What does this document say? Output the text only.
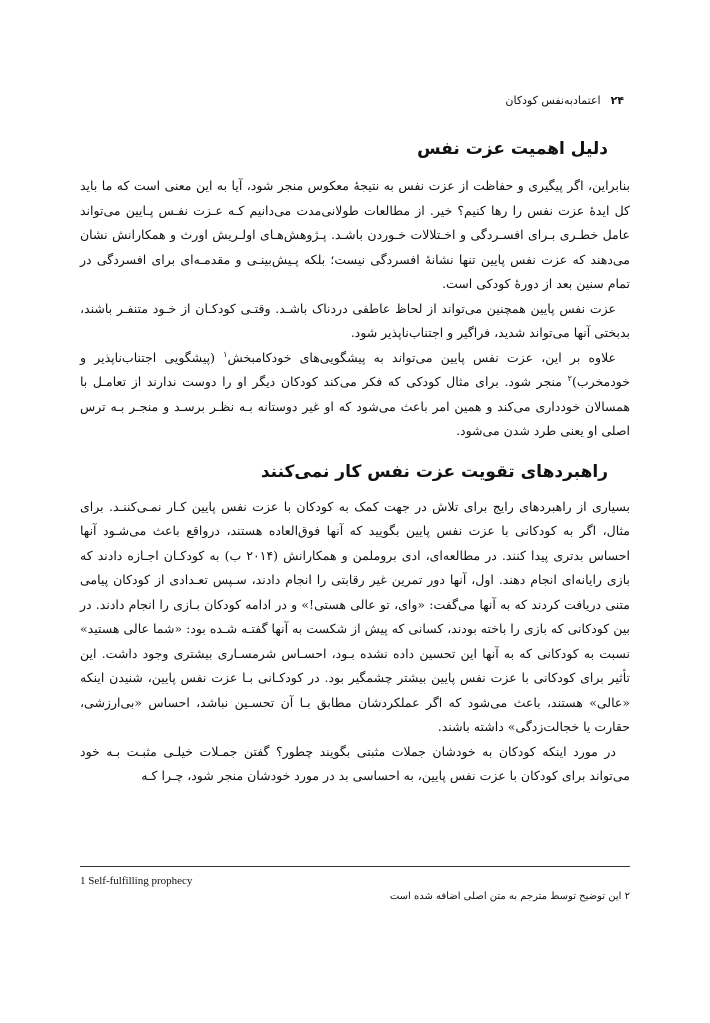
۲۴اعتمادبه‌نفس کودکان
دلیل اهمیت عزت نفس

بنابراین، اگر پیگیری و حفاظت از عزت نفس به نتیجهٔ معکوس منجر شود، آیا به این معنی است که ما باید کل ایدهٔ عزت نفس را رها کنیم؟ خیر. از مطالعات طولانی‌مدت می‌دانیم کـه عـزت نفـس پـایین می‌تواند عامل خطـری بـرای افسـردگی و اخـتلالات خـوردن باشـد. پـژوهش‌هـای اولـریش اورث و همکارانش نشان می‌دهند که عزت نفس پایین تنها نشانهٔ افسردگی نیست؛ بلکه پـیش‌بینـی و مقدمـه‌ای برای افسردگی در تمام سنین بعد از دورهٔ کودکی است.

عزت نفس پایین همچنین می‌تواند از لحاظ عاطفی دردناک باشـد. وقتـی کودکـان از خـود متنفـر باشند، بدبختی آنها می‌تواند شدید، فراگیر و اجتناب‌ناپذیر شود.

علاوه بر این، عزت نفس پایین می‌تواند به پیشگویی‌های خودکامبخش$^۱$ (پیشگویی اجتناب‌ناپذیر و خودمخرب)$^۲$ منجر شود. برای مثال کودکی که فکر می‌کند کودکان دیگر او را دوست ندارند از تعامـل با همسالان خودداری می‌کند و همین امر باعث می‌شود که او غیر دوستانه بـه نظـر برسـد و منجـر بـه ترس اصلی او یعنی طرد شدن می‌شود.

راهبردهای تقویت عزت نفس کار نمی‌کنند

بسیاری از راهبردهای رایج برای تلاش در جهت کمک به کودکان با عزت نفس پایین کـار نمـی‌کننـد. برای مثال، اگر به کودکانی با عزت نفس پایین بگویید که آنها فوق‌العاده هستند، درواقع باعث می‌شـود آنها احساس بدتری پیدا کنند. در مطالعه‌ای، ادی بروملمن و همکارانش (۲۰۱۴ ب) به کودکـان اجـازه دادند که بازی رایانه‌ای انجام دهند. اول، آنها دور تمرین غیر رقابتی را انجام دادند، سـپس تعـدادی از کودکان پیامی متنی دریافت کردند که به آنها می‌گفت: «وای، تو عالی هستی!» و در ادامه کودکان بـازی را انجام دادند. در بین کودکانی که بازی را باخته بودند، کسانی که پیش از شکست به آنها گفتـه شـده بود: «شما عالی هستید» نسبت به کودکانی که به آنها این تحسین داده نشده بـود، احسـاس شرمسـاری بیشتری وجود داشت. این تأثیر برای کودکانی با عزت نفس پایین بیشتر چشمگیر بود. در کودکـانی بـا عزت نفس پایین، شنیدن اینکه «عالی» هستند، باعث می‌شود که اگر عملکردشان مطابق بـا آن تحسـین نباشد، احساس «بی‌ارزشی، حقارت یا خجالت‌زدگی» داشته باشند.

در مورد اینکه کودکان به خودشان جملات مثبتی بگویند چطور؟ گفتن جمـلات خیلـی مثبـت بـه خود می‌تواند برای کودکان با عزت نفس پایین، به احساسی بد در مورد خودشان منجر شود، چـرا کـه

1 Self-fulfilling prophecy
۲ این توضیح توسط مترجم به متن اصلی اضافه شده است
